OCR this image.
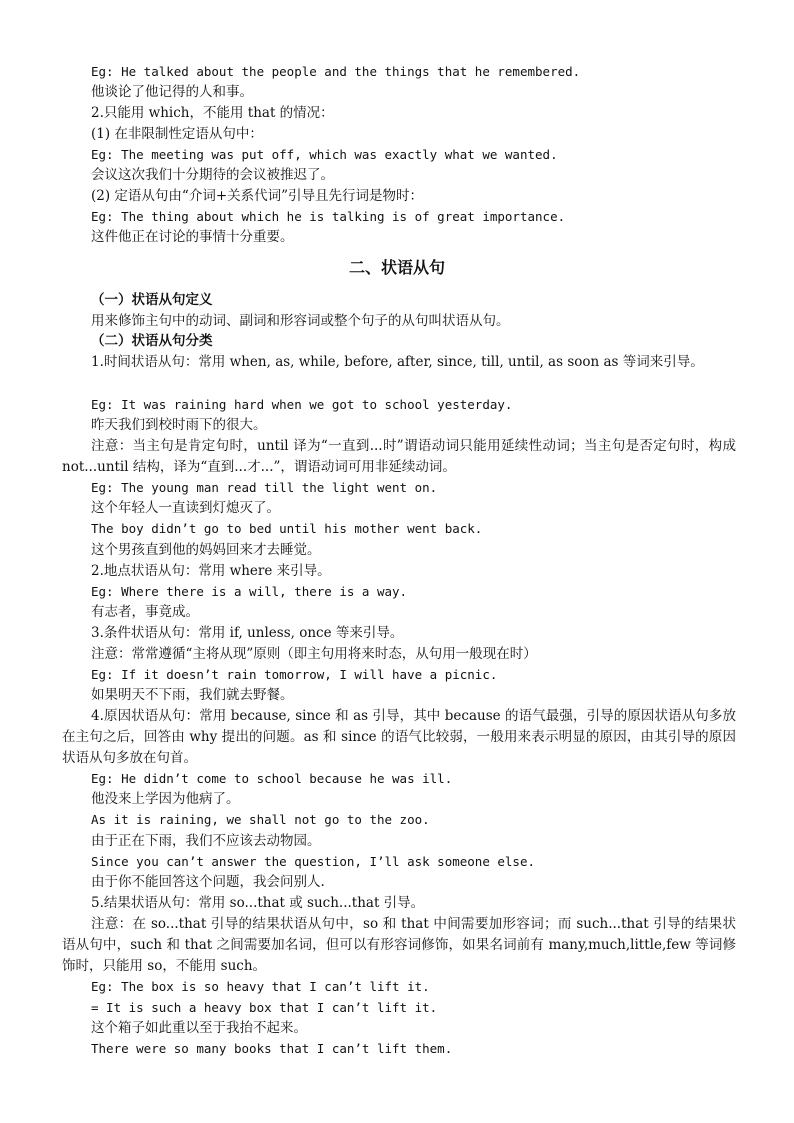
Eg: He talked about the people and the things that he remembered.
他谈论了他记得的人和事。
2.只能用 which，不能用 that 的情况：
(1) 在非限制性定语从句中：
Eg: The meeting was put off, which was exactly what we wanted.
会议这次我们十分期待的会议被推迟了。
(2) 定语从句由“介词+关系代词”引导且先行词是物时：
Eg: The thing about which he is talking is of great importance.
这件他正在讨论的事情十分重要。
二、状语从句
（一）状语从句定义
用来修饰主句中的动词、副词和形容词或整个句子的从句叫状语从句。
（二）状语从句分类
1.时间状语从句：常用 when, as, while, before, after, since, till, until, as soon as 等词来引导。
Eg: It was raining hard when we got to school yesterday.
昨天我们到校时雨下的很大。
注意：当主句是肯定句时，until 译为“一直到...时”谓语动词只能用延续性动词；当主句是否定句时，构成 not...until 结构，译为“直到...才...”，谓语动词可用非延续动词。
Eg: The young man read till the light went on.
这个年轻人一直读到灯熄灭了。
The boy didn’t go to bed until his mother went back.
这个男孩直到他的妈妈回来才去睡觉。
2.地点状语从句：常用 where 来引导。
Eg: Where there is a will, there is a way.
有志者，事竟成。
3.条件状语从句：常用 if, unless, once 等来引导。
注意：常常遵循“主将从现”原则（即主句用将来时态，从句用一般现在时）
Eg: If it doesn’t rain tomorrow, I will have a picnic.
如果明天不下雨，我们就去野餐。
4.原因状语从句：常用 because, since 和 as 引导，其中 because 的语气最强，引导的原因状语从句多放在主句之后，回答由 why 提出的问题。as 和 since 的语气比较弱，一般用来表示明显的原因，由其引导的原因状语从句多放在句首。
Eg: He didn’t come to school because he was ill.
他没来上学因为他病了。
As it is raining, we shall not go to the zoo.
由于正在下雨，我们不应该去动物园。
Since you can’t answer the question, I’ll ask someone else.
由于你不能回答这个问题，我会问别人.
5.结果状语从句：常用 so...that 或 such...that 引导。
注意：在 so...that 引导的结果状语从句中，so 和 that 中间需要加形容词；而 such...that 引导的结果状语从句中，such 和 that 之间需要加名词，但可以有形容词修饰，如果名词前有 many,much,little,few 等词修饰时，只能用 so，不能用 such。
Eg: The box is so heavy that I can’t lift it.
= It is such a heavy box that I can’t lift it.
这个箱子如此重以至于我抬不起来。
There were so many books that I can’t lift them.
